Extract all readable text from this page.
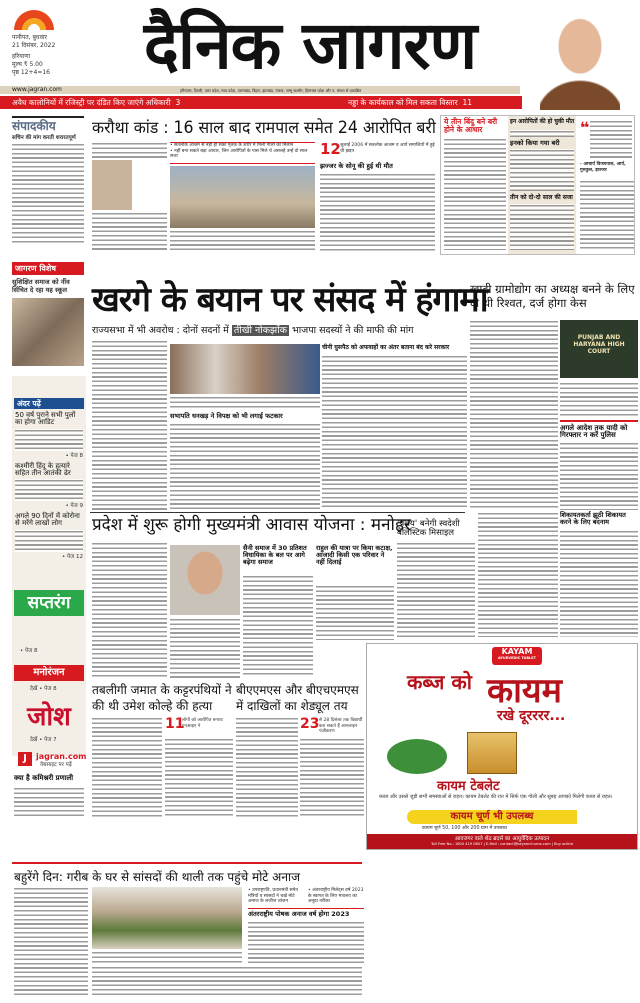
पानीपत, बुधवार
21 दिसंबर, 2022
हरियाणा
मूल्य ₹ 5.00
पृष्ठ 12+4=16	दैनिक जागरण
www.jagran.com	हरियाणा, दिल्ली, उत्तर प्रदेश, मध्य प्रदेश, उत्तराखंड, बिहार, झारखंड, पंजाब, जम्मू कश्मीर, हिमाचल प्रदेश और प. बंगाल से प्रकाशित
अवैध कालोनियों में रजिस्ट्री पर दंडित किए जाएंगे अधिकारी 3	नड्डा के कार्यकाल को मिल सकता विस्तार 11
संपादकीय
सचिन की मांग करती शरारतपूर्ण
जागरण विशेष
सुशिक्षित समाज को नींव सिंचित दे रहा यह स्कूल
अंदर पढ़ें
50 वर्ष पुराने सभी पुलों का होगा आडिट
• पेज 8
कश्मीरी हिंदू के हत्यारे सहित तीन आतंकी ढेर
• पेज 9
अगले 90 दिनों में कोरोना से मरेंगे लाखों लोग
• पेज 12
सप्तरंग
• पेज 8
मनोरंजन
देखें • पेज 8
जोश
देखें • पेज 7
J	jagran.com
वेबसाइट पर पढ़ें
क्या है कमिश्नरी प्रणाली
• सतलोक आश्रम से नहीं हो सका मृतक के शरीर में मिली गोली का मिलान
• नहीं बना सकते बड़ा आधार, जिन आरोपितों के पास मिले थे असलहे उन्हें दो साल सजा	12 जुलाई 2006 में सतलोक आश्रम व आर्य समाजियों में हुई थी झड़प
झज्जर के सोनू की हुई थी मौत
करौथा कांड : 16 साल बाद रामपाल समेत 24 आरोपित बरी ये तीन बिंदु बने बरी होने के आधार
इन आरोपितों की हो चुकी मौत
इनको किया गया बरी
तीन को दो-दो साल की सजा
❝
- आचार्य विजयपाल, आर्य, गुरुकुल, झज्जर
खरगे के बयान पर संसद में हंगामा
राज्यसभा में भी अवरोध : दोनों सदनों में तीखी नोकझोंक भाजपा सदस्यों ने की माफी की मांग
सभापति धनखड़ ने विपक्ष को भी लगाई फटकार
चीनी घुसपैठ को अफवाहों का अंतर बताना बंद करे सरकार
खादी ग्रामोद्योग का अध्यक्ष बनने के लिए दी थी रिश्वत, दर्ज होगा केस
PUNJAB AND HARYANA HIGH COURT
अगले आदेश तक यादी को गिरफ्तार न करें पुलिस
प्रदेश में शुरू होगी मुख्यमंत्री आवास योजना : मनोहर
सैनी समाज में 30 प्रतिशत विधायिका के बल पर आगे बढ़ेगा समाज
राहुल की यात्रा पर किया कटाक्ष, आजादी किसी एक परिवार ने नहीं दिलाई
'प्रलय' बनेगी स्वदेशी बैलिस्टिक मिसाइल
शिकायतकर्ता झूठी शिकायत करने के लिए बदनाम
KAYAM
AYURVEDIC TABLET
कब्ज को कायम
रखे दूरररर...
कायम टेबलेट
कब्ज और उससे जुड़ी सभी समस्याओं से राहत। कायम टेबलेट की रात में सिर्फ एक गोली और सुबह आपको मिलेगी कब्ज से राहत।
कायम चूर्ण भी उपलब्ध
कायम चूर्ण 50, 100 और 200 ग्राम में उपलब्ध
आवजगर वाले शेठ ब्रदर्स का आयुर्वेदिक उत्पादन
Toll Free No.: 1800 419 0807 | E-Mail : contact@kayamchurna.com | Buy online
तबलीगी जमात के कट्टरपंथियों ने की थी उमेश कोल्हे की हत्या
11
लोगों को आरोपित बनाया एनआइए ने
बीएएमएस और बीएचएमएस में दाखिलों का शेड्यूल तय
23 से 28 दिसंबर तक विद्यार्थी करा सकते हैं आनलाइन पंजीकरण
बहुरेंगे दिन: गरीब के घर से सांसदों की थाली तक पहुंचे मोटे अनाज
• उपराष्ट्रपति, प्रधानमंत्री समेत मंत्रियों व सांसदों ने चखे मोटे अनाज के लजीज व्यंजन
• अंतरराष्ट्रीय मिलेट्स वर्ष 2023 के स्वागत के लिए मंत्रालय का अनूठा तरीका
अंतरराष्ट्रीय पोषक अनाज वर्ष होगा 2023
